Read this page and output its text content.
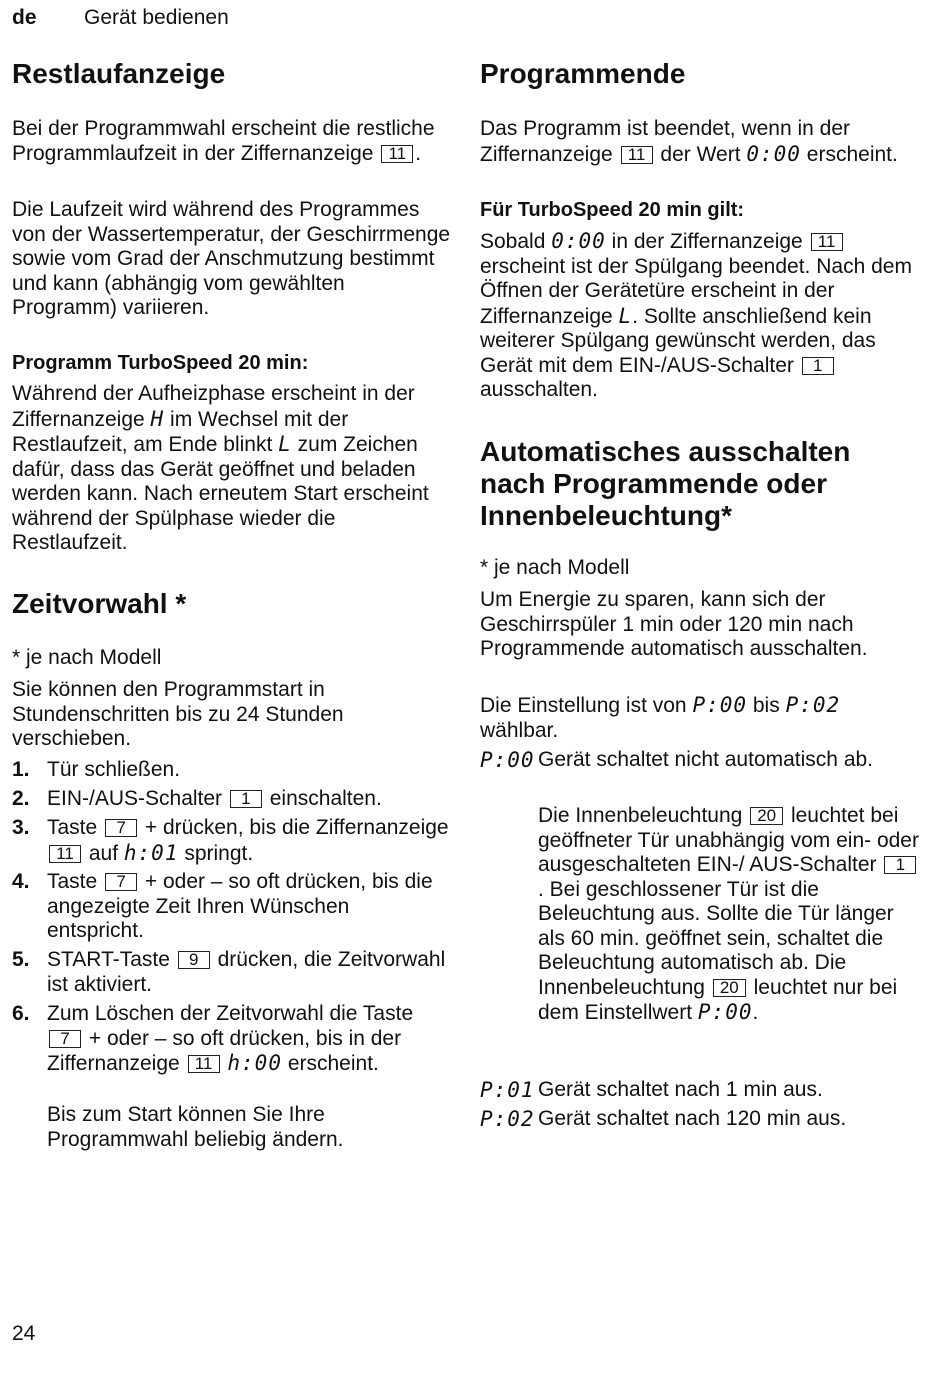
de Gerät bedienen
Restlaufanzeige
Bei der Programmwahl erscheint die restliche Programmlaufzeit in der Ziffernanzeige 11 .
Die Laufzeit wird während des Programmes von der Wassertemperatur, der Geschirrmenge sowie vom Grad der Anschmutzung bestimmt und kann (abhängig vom gewählten Programm) variieren.
Programm TurboSpeed 20 min:
Während der Aufheizphase erscheint in der Ziffernanzeige H im Wechsel mit der Restlaufzeit, am Ende blinkt L zum Zeichen dafür, dass das Gerät geöffnet und beladen werden kann. Nach erneutem Start erscheint während der Spülphase wieder die Restlaufzeit.
Zeitvorwahl *
* je nach Modell
Sie können den Programmstart in Stundenschritten bis zu 24 Stunden verschieben.
1. Tür schließen.
2. EIN-/AUS-Schalter 1 einschalten.
3. Taste 7 + drücken, bis die Ziffernanzeige 11 auf h:01 springt.
4. Taste 7 + oder – so oft drücken, bis die angezeigte Zeit Ihren Wünschen entspricht.
5. START-Taste 9 drücken, die Zeitvorwahl ist aktiviert.
6. Zum Löschen der Zeitvorwahl die Taste 7 + oder – so oft drücken, bis in der Ziffernanzeige 11 h:00 erscheint.
Bis zum Start können Sie Ihre Programmwahl beliebig ändern.
Programmende
Das Programm ist beendet, wenn in der Ziffernanzeige 11 der Wert 0:00 erscheint.
Für TurboSpeed 20 min gilt:
Sobald 0:00 in der Ziffernanzeige 11 erscheint ist der Spülgang beendet. Nach dem Öffnen der Gerätetüre erscheint in der Ziffernanzeige L. Sollte anschließend kein weiterer Spülgang gewünscht werden, das Gerät mit dem EIN-/AUS-Schalter 1 ausschalten.
Automatisches ausschalten nach Programmende oder Innenbeleuchtung*
* je nach Modell
Um Energie zu sparen, kann sich der Geschirrspüler 1 min oder 120 min nach Programmende automatisch ausschalten.
Die Einstellung ist von P:00 bis P:02 wählbar.
P:00 Gerät schaltet nicht automatisch ab.
Die Innenbeleuchtung 20 leuchtet bei geöffneter Tür unabhängig vom ein- oder ausgeschalteten EIN-/ AUS-Schalter 1. Bei geschlossener Tür ist die Beleuchtung aus. Sollte die Tür länger als 60 min. geöffnet sein, schaltet die Beleuchtung automatisch ab. Die Innenbeleuchtung 20 leuchtet nur bei dem Einstellwert P:00.
P:01 Gerät schaltet nach 1 min aus.
P:02 Gerät schaltet nach 120 min aus.
24
